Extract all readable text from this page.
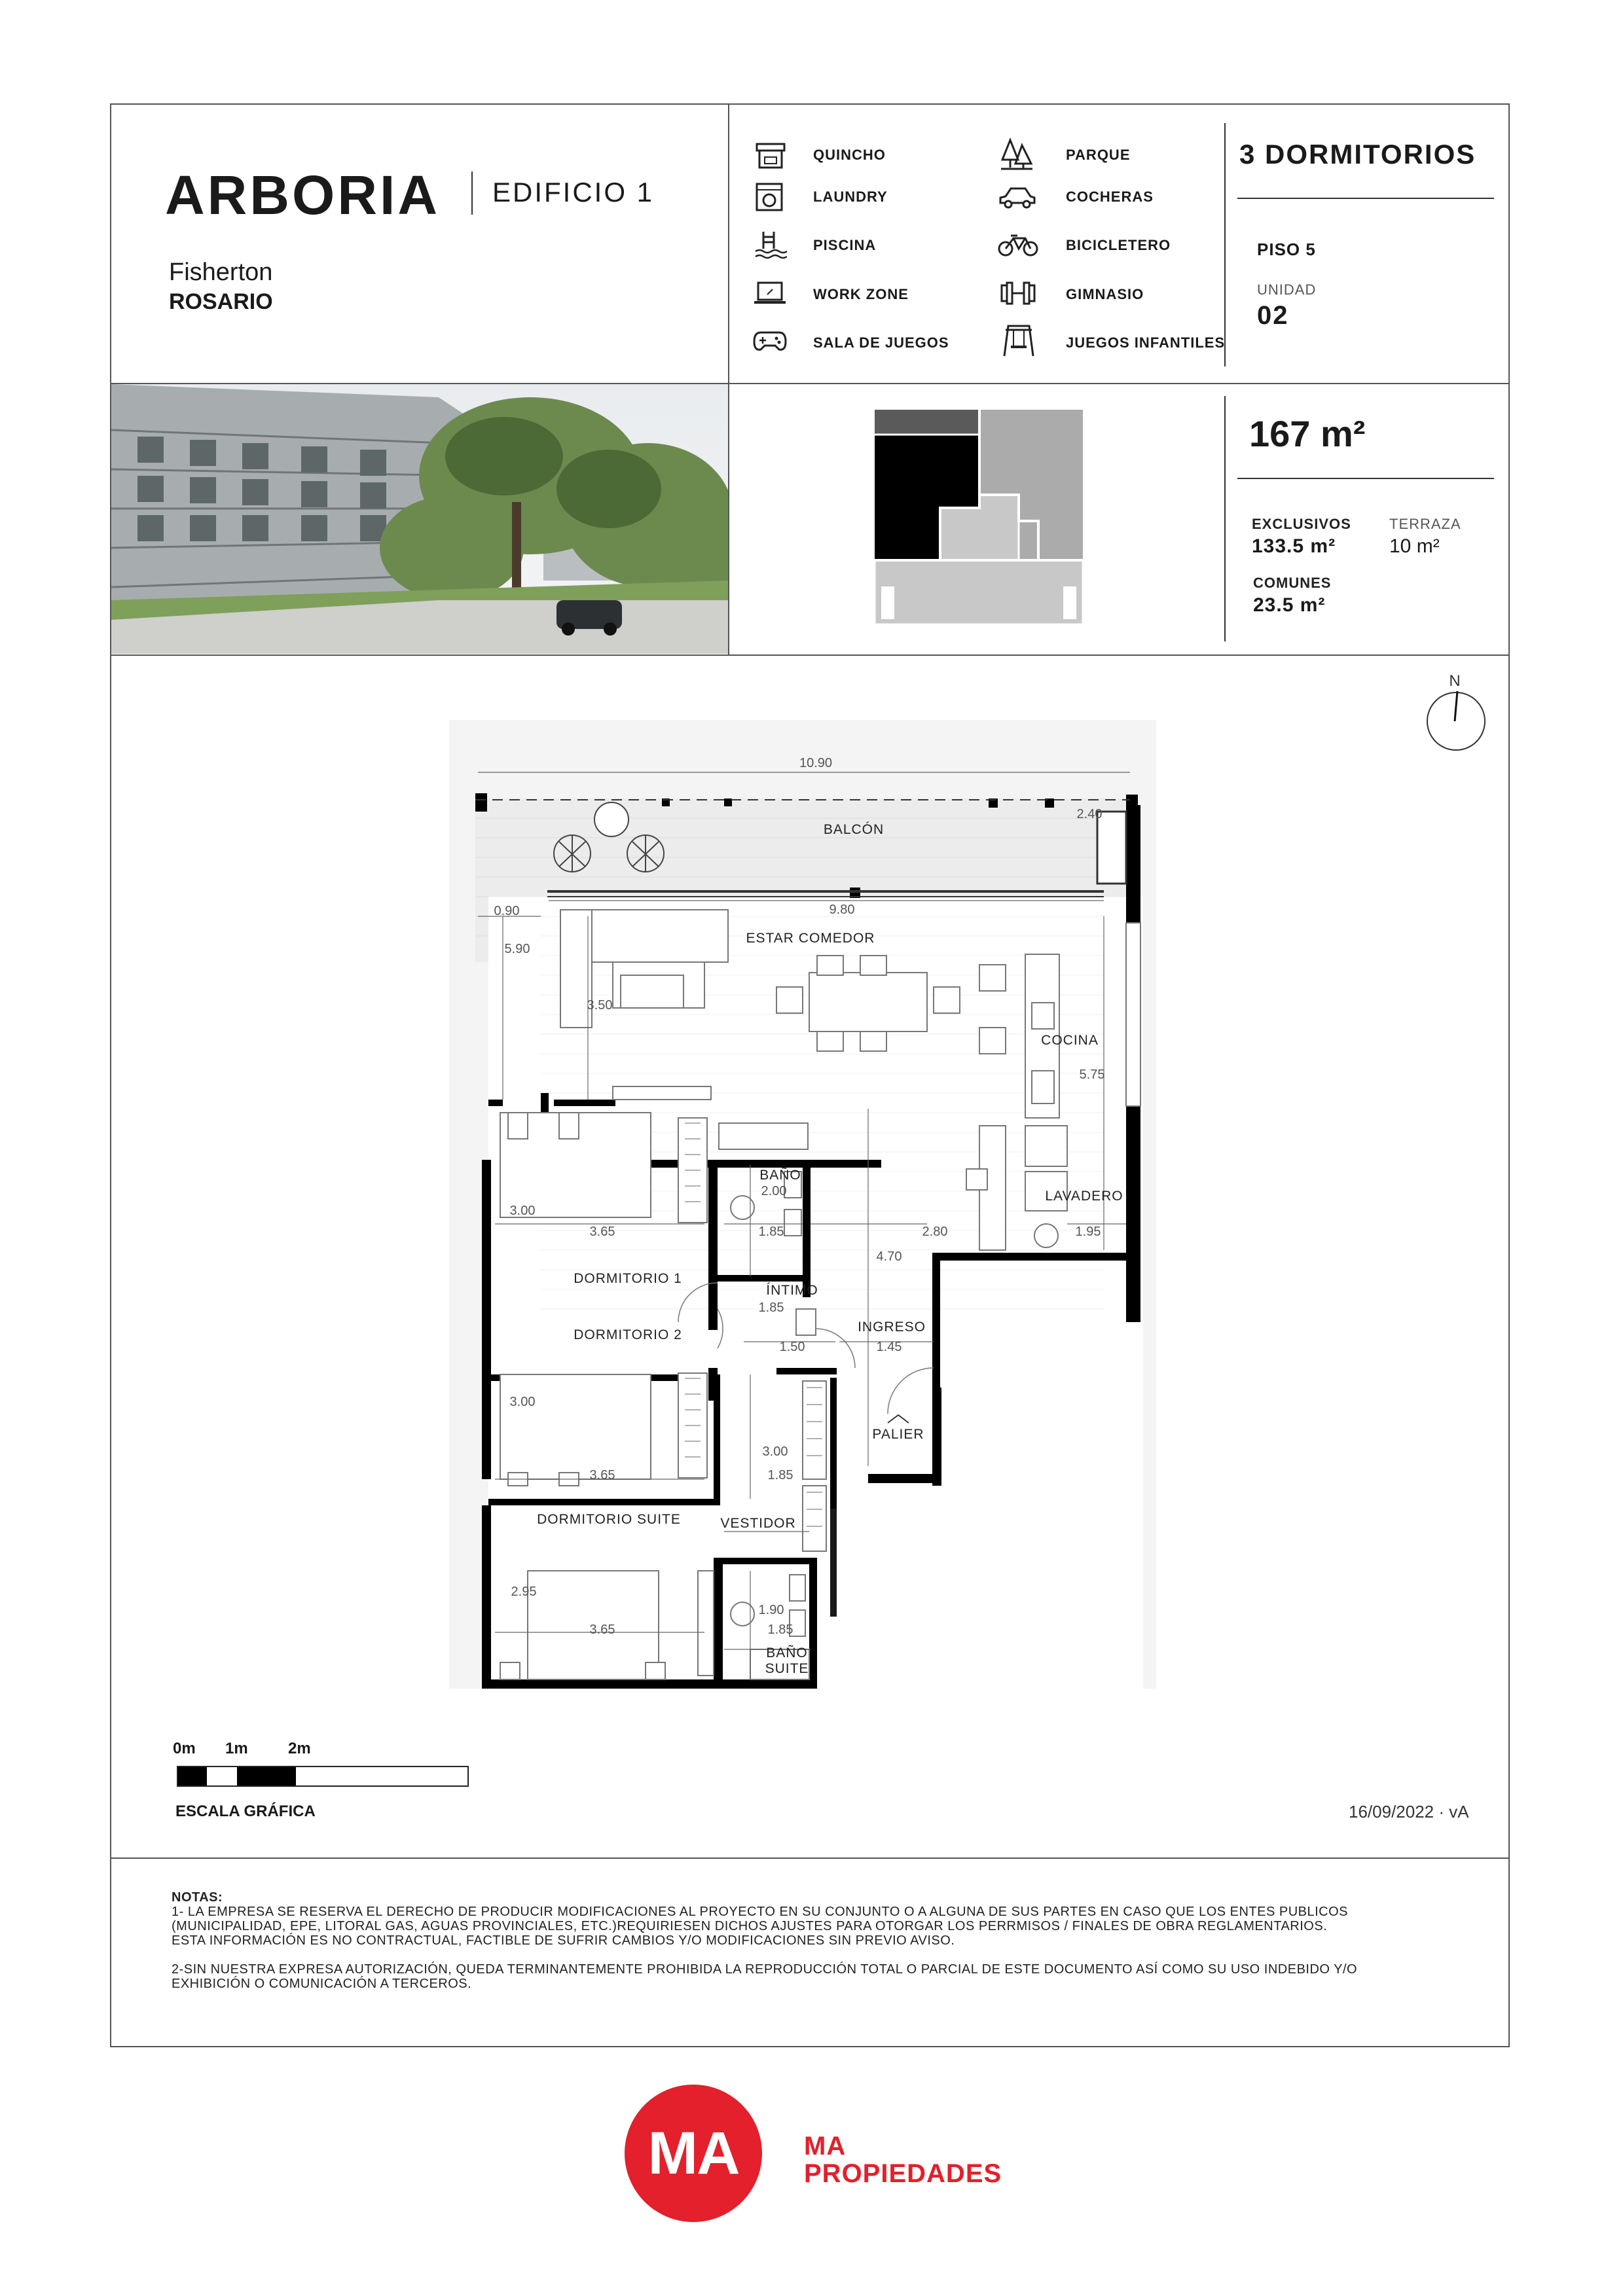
ARBORIA EDIFICIO 1
Fisherton
ROSARIO
QUINCHO
LAUNDRY
PISCINA
WORK ZONE
SALA DE JUEGOS
PARQUE
COCHERAS
BICICLETERO
GIMNASIO
JUEGOS INFANTILES
3 DORMITORIOS
PISO 5
UNIDAD
02
167 m²
EXCLUSIVOS
133.5 m²
TERRAZA
10 m²
COMUNES
23.5 m²
N
BALCÓN
ESTAR COMEDOR
COCINA
LAVADERO
BAÑO
DORMITORIO 1
ÍNTIMO
INGRESO
DORMITORIO 2
PALIER
DORMITORIO SUITE	VESTIDOR
BAÑO
SUITE
10.90
2.40
9.80
0.90
5.90
3.50
5.75
2.00
1.85	2.80	1.95
4.70
3.00
3.65
1.85
1.50	1.45
3.00
3.65
3.00
1.85
2.95
1.90
3.65	1.85
0m 1m	2m
ESCALA GRÁFICA	16/09/2022 · vA
NOTAS:
1- LA EMPRESA SE RESERVA EL DERECHO DE PRODUCIR MODIFICACIONES AL PROYECTO EN SU CONJUNTO O A ALGUNA DE SUS PARTES EN CASO QUE LOS ENTES PUBLICOS
(MUNICIPALIDAD, EPE, LITORAL GAS, AGUAS PROVINCIALES, ETC.)REQUIRIESEN DICHOS AJUSTES PARA OTORGAR LOS PERRMISOS / FINALES DE OBRA REGLAMENTARIOS.
ESTA INFORMACIÓN ES NO CONTRACTUAL, FACTIBLE DE SUFRIR CAMBIOS Y/O MODIFICACIONES SIN PREVIO AVISO.
2-SIN NUESTRA EXPRESA AUTORIZACIÓN, QUEDA TERMINANTEMENTE PROHIBIDA LA REPRODUCCIÓN TOTAL O PARCIAL DE ESTE DOCUMENTO ASÍ COMO SU USO INDEBIDO Y/O
EXHIBICIÓN O COMUNICACIÓN A TERCEROS.
MA	MA
PROPIEDADES
